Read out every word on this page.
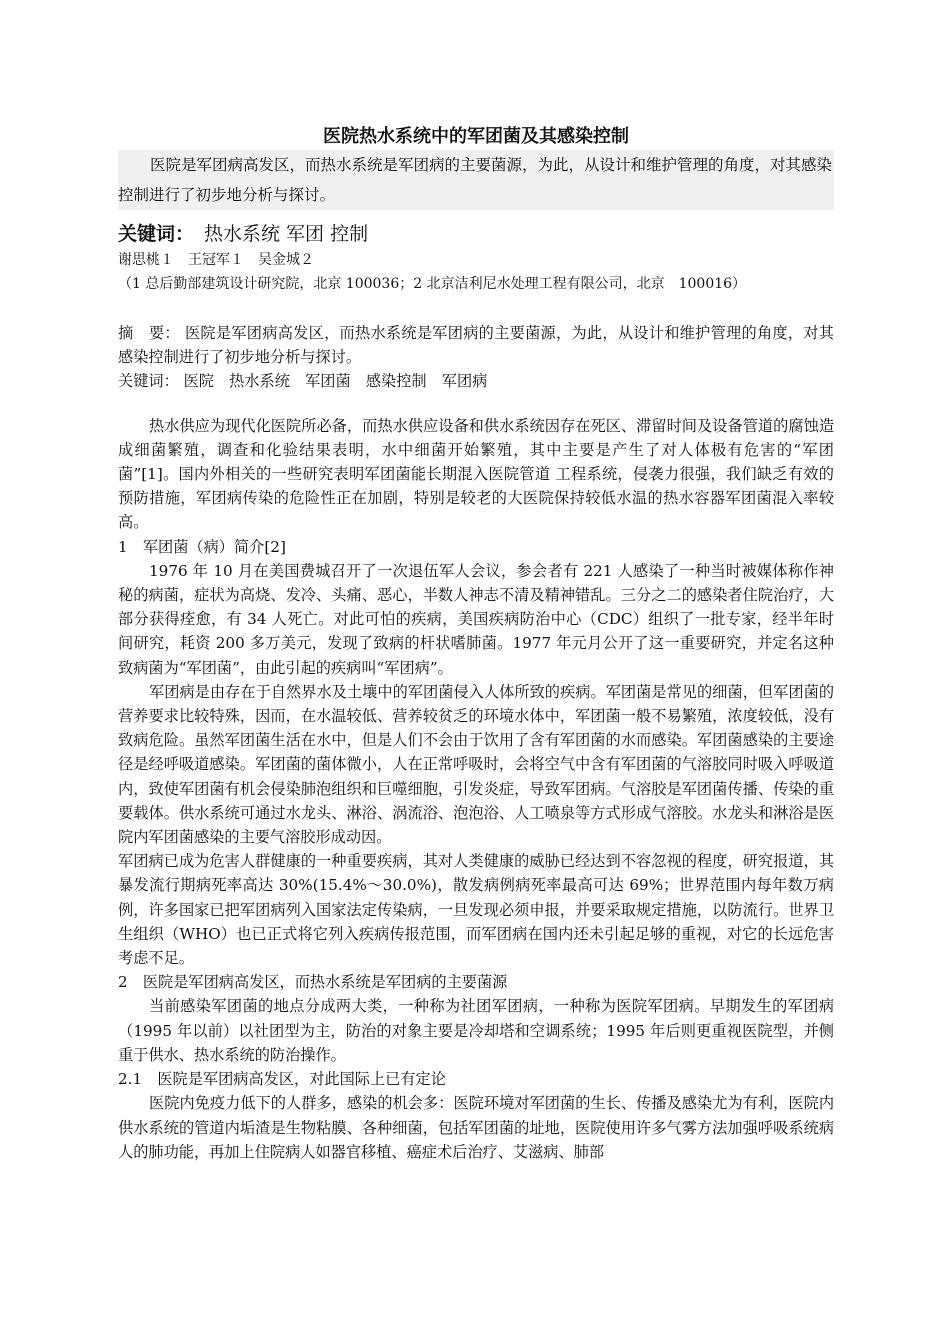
医院热水系统中的军团菌及其感染控制

医院是军团病高发区，而热水系统是军团病的主要菌源，为此，从设计和维护管理的角度，对其感染控制进行了初步地分析与探讨。

关键词： 热水系统 军团 控制

谢思桃１　王冠军１　吴金城２

（1 总后勤部建筑设计研究院，北京 100036；2 北京洁利尼水处理工程有限公司，北京　100016）

摘　要： 医院是军团病高发区，而热水系统是军团病的主要菌源，为此，从设计和维护管理的角度，对其感染控制进行了初步地分析与探讨。

关键词： 医院　热水系统　军团菌　感染控制　军团病

热水供应为现代化医院所必备，而热水供应设备和供水系统因存在死区、滞留时间及设备管道的腐蚀造成细菌繁殖，调查和化验结果表明，水中细菌开始繁殖，其中主要是产生了对人体极有危害的“军团菌”[1]。国内外相关的一些研究表明军团菌能长期混入医院管道 工程系统，侵袭力很强，我们缺乏有效的预防措施，军团病传染的危险性正在加剧，特别是较老的大医院保持较低水温的热水容器军团菌混入率较高。

1　军团菌（病）简介[2]

1976 年 10 月在美国费城召开了一次退伍军人会议，参会者有 221 人感染了一种当时被媒体称作神秘的病菌，症状为高烧、发冷、头痛、恶心，半数人神志不清及精神错乱。三分之二的感染者住院治疗，大部分获得痊愈，有 34 人死亡。对此可怕的疾病，美国疾病防治中心（CDC）组织了一批专家，经半年时间研究，耗资 200 多万美元，发现了致病的杆状嗜肺菌。1977 年元月公开了这一重要研究，并定名这种致病菌为“军团菌”，由此引起的疾病叫“军团病”。

军团病是由存在于自然界水及土壤中的军团菌侵入人体所致的疾病。军团菌是常见的细菌，但军团菌的营养要求比较特殊，因而，在水温较低、营养较贫乏的环境水体中，军团菌一般不易繁殖，浓度较低，没有致病危险。虽然军团菌生活在水中，但是人们不会由于饮用了含有军团菌的水而感染。军团菌感染的主要途径是经呼吸道感染。军团菌的菌体微小，人在正常呼吸时，会将空气中含有军团菌的气溶胶同时吸入呼吸道内，致使军团菌有机会侵染肺泡组织和巨噬细胞，引发炎症，导致军团病。气溶胶是军团菌传播、传染的重要载体。供水系统可通过水龙头、淋浴、涡流浴、泡泡浴、人工喷泉等方式形成气溶胶。水龙头和淋浴是医院内军团菌感染的主要气溶胶形成动因。

军团病已成为危害人群健康的一种重要疾病，其对人类健康的威胁已经达到不容忽视的程度，研究报道，其暴发流行期病死率高达 30%(15.4%～30.0%)，散发病例病死率最高可达 69%；世界范围内每年数万病例，许多国家已把军团病列入国家法定传染病，一旦发现必须申报，并要采取规定措施，以防流行。世界卫生组织（WHO）也已正式将它列入疾病传报范围，而军团病在国内还未引起足够的重视，对它的长远危害考虑不足。

2　医院是军团病高发区，而热水系统是军团病的主要菌源

当前感染军团菌的地点分成两大类，一种称为社团军团病，一种称为医院军团病。早期发生的军团病（1995 年以前）以社团型为主，防治的对象主要是冷却塔和空调系统；1995 年后则更重视医院型，并侧重于供水、热水系统的防治操作。

2.1　医院是军团病高发区，对此国际上已有定论

医院内免疫力低下的人群多，感染的机会多：医院环境对军团菌的生长、传播及感染尤为有利，医院内供水系统的管道内垢渣是生物粘膜、各种细菌，包括军团菌的址地，医院使用许多气雾方法加强呼吸系统病人的肺功能，再加上住院病人如器官移植、癌症术后治疗、艾滋病、肺部
